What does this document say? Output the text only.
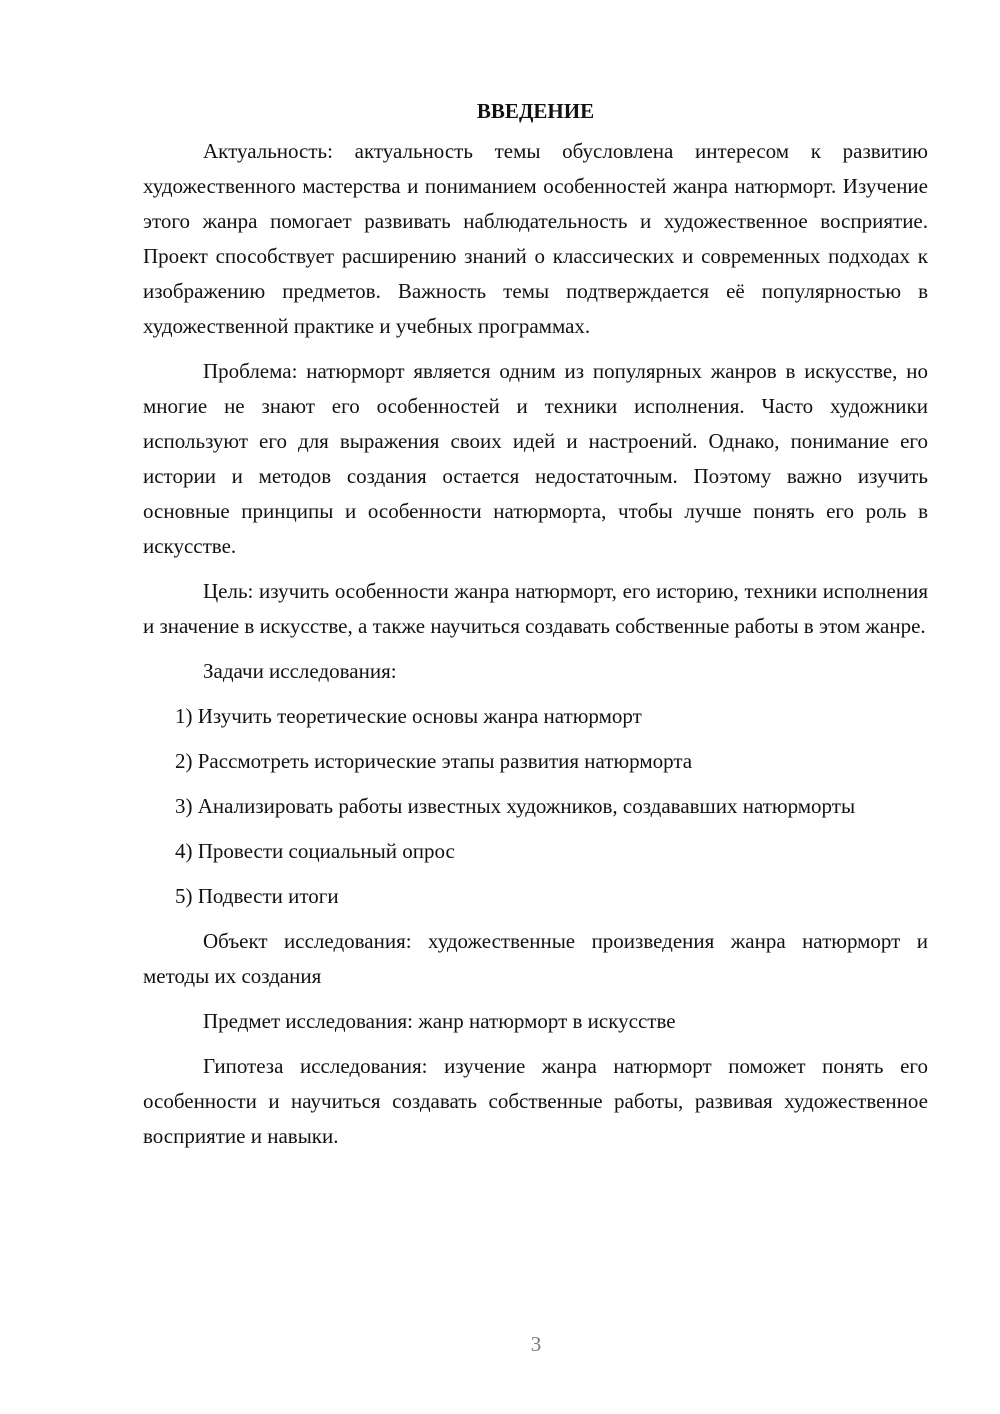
ВВЕДЕНИЕ

Актуальность: актуальность темы обусловлена интересом к развитию художественного мастерства и пониманием особенностей жанра натюрморт. Изучение этого жанра помогает развивать наблюдательность и художественное восприятие. Проект способствует расширению знаний о классических и современных подходах к изображению предметов. Важность темы подтверждается её популярностью в художественной практике и учебных программах.

Проблема: натюрморт является одним из популярных жанров в искусстве, но многие не знают его особенностей и техники исполнения. Часто художники используют его для выражения своих идей и настроений. Однако, понимание его истории и методов создания остается недостаточным. Поэтому важно изучить основные принципы и особенности натюрморта, чтобы лучше понять его роль в искусстве.

Цель: изучить особенности жанра натюрморт, его историю, техники исполнения и значение в искусстве, а также научиться создавать собственные работы в этом жанре.

Задачи исследования:

1) Изучить теоретические основы жанра натюрморт

2) Рассмотреть исторические этапы развития натюрморта

3) Анализировать работы известных художников, создававших натюрморты

4) Провести социальный опрос

5) Подвести итоги

Объект исследования: художественные произведения жанра натюрморт и методы их создания

Предмет исследования: жанр натюрморт в искусстве

Гипотеза исследования: изучение жанра натюрморт поможет понять его особенности и научиться создавать собственные работы, развивая художественное восприятие и навыки.

3
